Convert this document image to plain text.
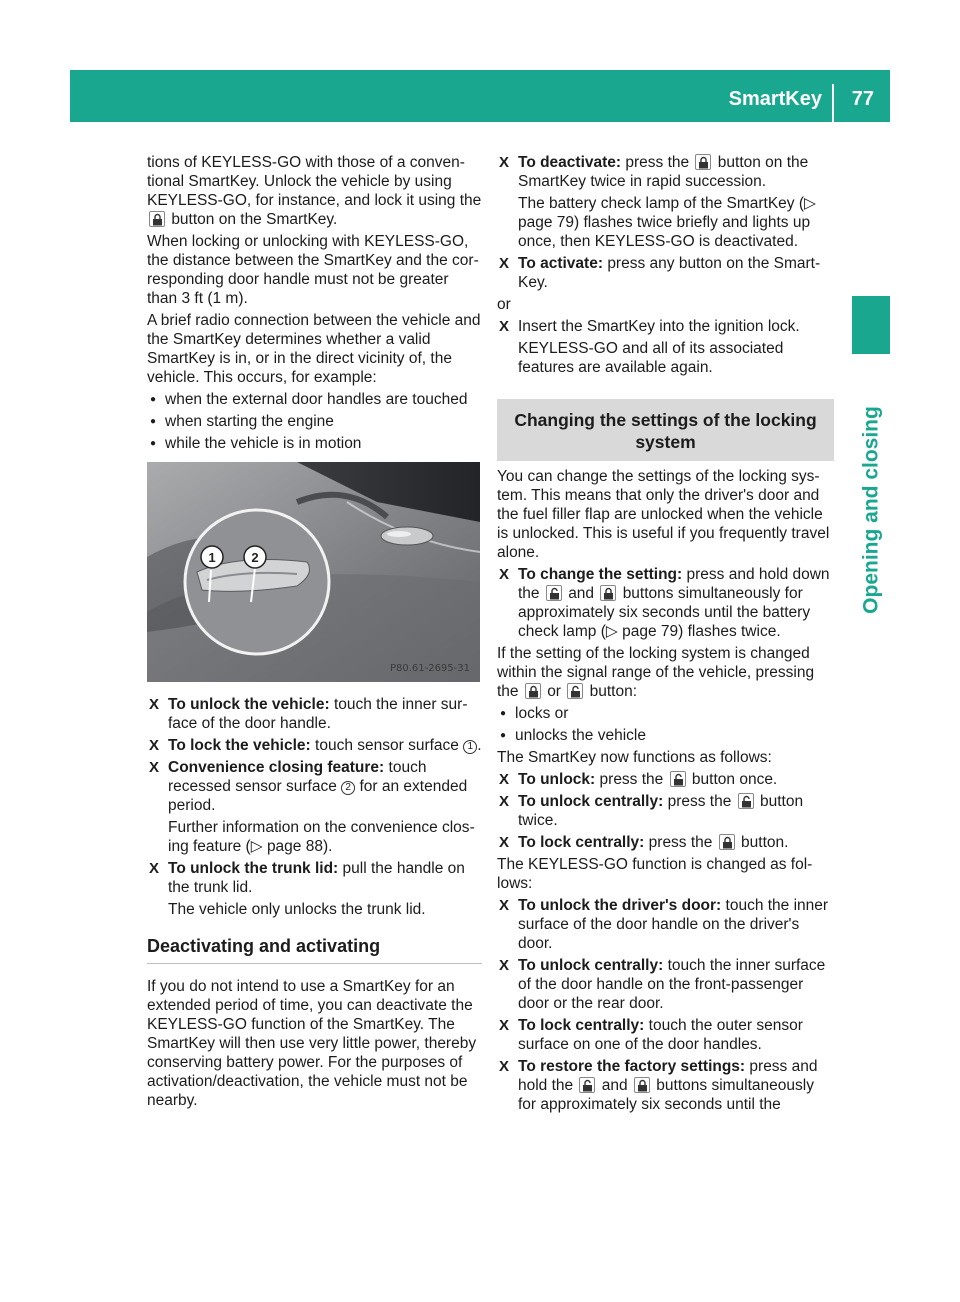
SmartKey 77
Opening and closing
tions of KEYLESS-GO with those of a conventional SmartKey. Unlock the vehicle by using KEYLESS-GO, for instance, and lock it using the
button on the SmartKey.
When locking or unlocking with KEYLESS-GO, the distance between the SmartKey and the corresponding door handle must not be greater than 3 ft (1 m).
A brief radio connection between the vehicle and the SmartKey determines whether a valid SmartKey is in, or in the direct vicinity of, the vehicle. This occurs, for example:
● when the external door handles are touched
● when starting the engine
● while the vehicle is in motion
1	2
P80.61-2695-31
X To unlock the vehicle: touch the inner surface of the door handle.
X To lock the vehicle: touch sensor surface 1 .
X Convenience closing feature: touch recessed sensor surface 2 for an extended period.
Further information on the convenience closing feature (▷ page 88).
X To unlock the trunk lid: pull the handle on the trunk lid.
The vehicle only unlocks the trunk lid.
Deactivating and activating
If you do not intend to use a SmartKey for an extended period of time, you can deactivate the KEYLESS-GO function of the SmartKey. The SmartKey will then use very little power, thereby conserving battery power. For the purposes of activation/deactivation, the vehicle must not be nearby.
X To deactivate: press the button on the SmartKey twice in rapid succession.
The battery check lamp of the SmartKey (▷ page 79) flashes twice briefly and lights up once, then KEYLESS-GO is deactivated.
X To activate: press any button on the SmartKey.
or
X Insert the SmartKey into the ignition lock.
KEYLESS-GO and all of its associated features are available again.
Changing the settings of the locking system
You can change the settings of the locking system. This means that only the driver's door and the fuel filler flap are unlocked when the vehicle is unlocked. This is useful if you frequently travel alone.
X To change the setting: press and hold down the and buttons simultaneously for approximately six seconds until the battery check lamp (▷ page 79) flashes twice.
If the setting of the locking system is changed within the signal range of the vehicle, pressing the or button:
● locks or
● unlocks the vehicle
The SmartKey now functions as follows:
X To unlock: press the button once.
X To unlock centrally: press the button twice.
X To lock centrally: press the button.
The KEYLESS-GO function is changed as follows:
X To unlock the driver's door: touch the inner surface of the door handle on the driver's door.
X To unlock centrally: touch the inner surface of the door handle on the front-passenger door or the rear door.
X To lock centrally: touch the outer sensor surface on one of the door handles.
X To restore the factory settings: press and hold the and buttons simultaneously for approximately six seconds until the
